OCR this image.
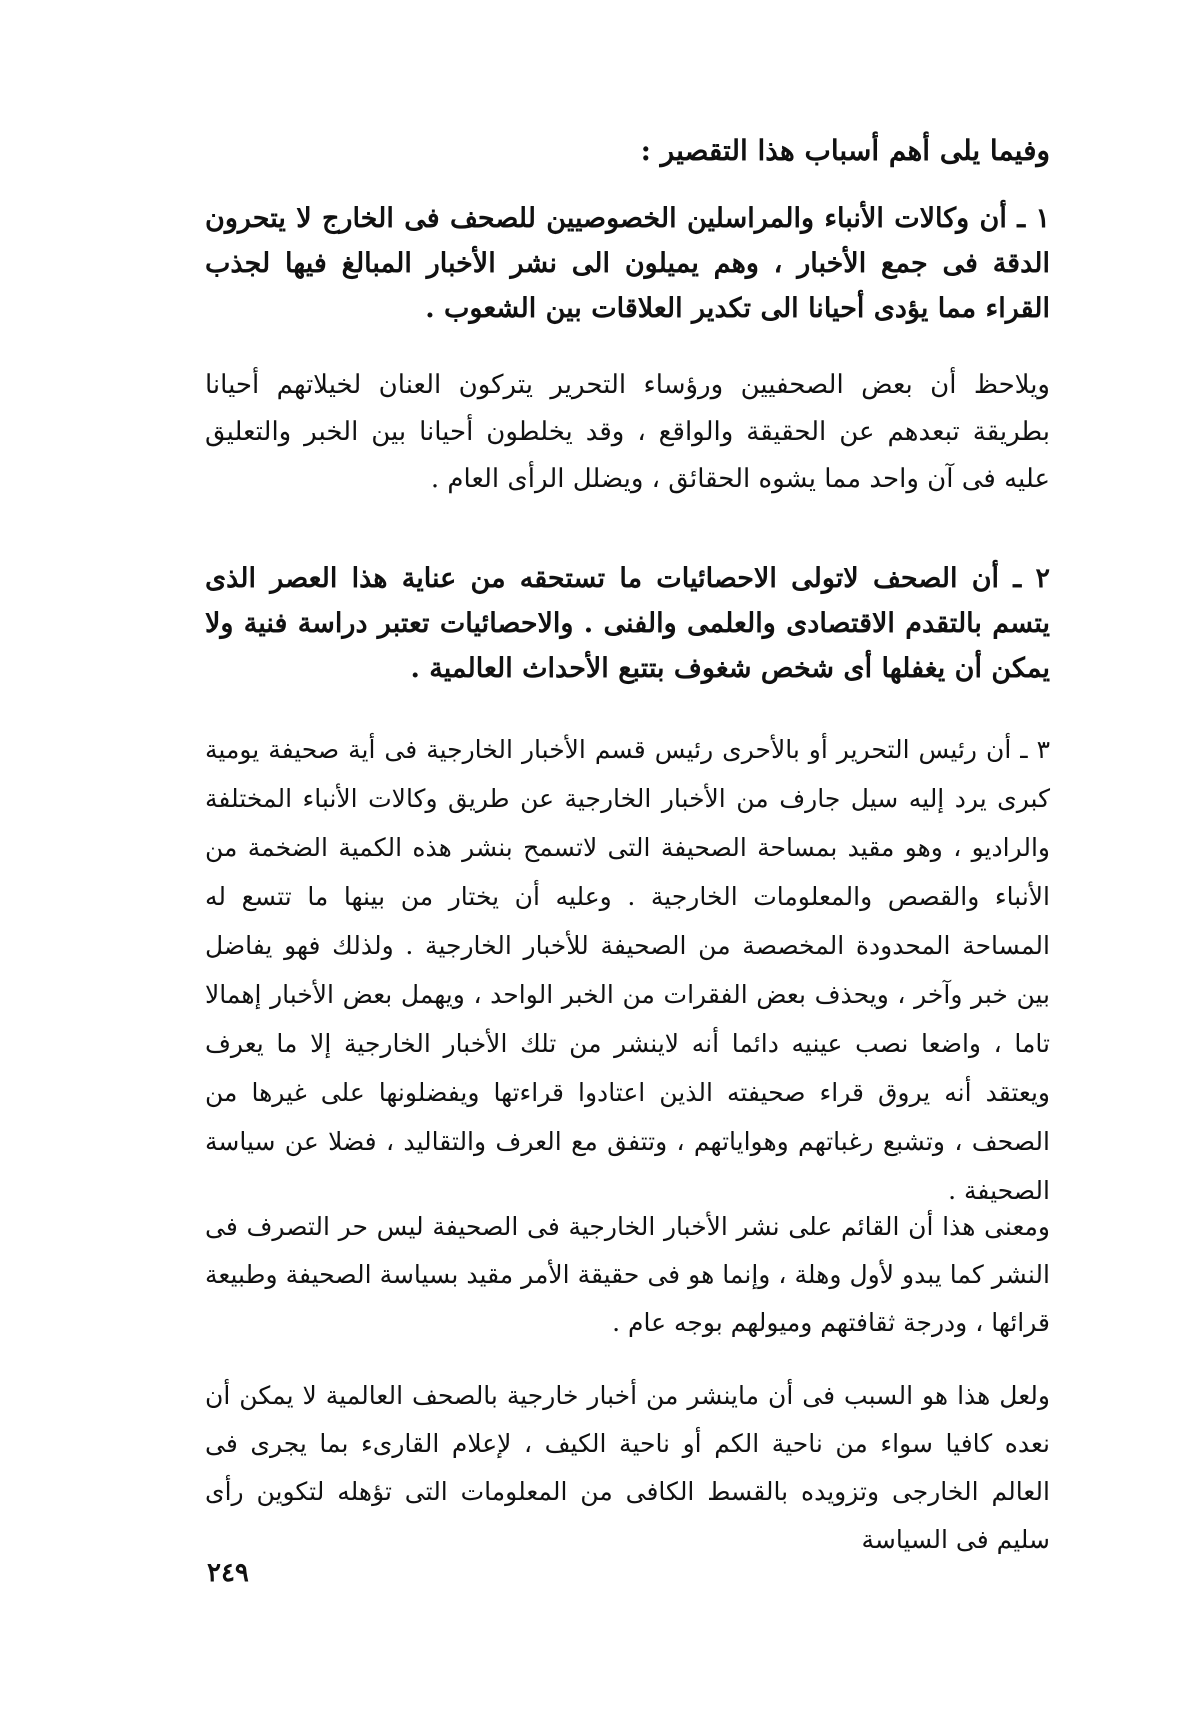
وفيما يلى أهم أسباب هذا التقصير :

١ ـ أن وكالات الأنباء والمراسلين الخصوصيين للصحف فى الخارج لا يتحرون الدقة فى جمع الأخبار ، وهم يميلون الى نشر الأخبار المبالغ فيها لجذب القراء مما يؤدى أحيانا الى تكدير العلاقات بين الشعوب .

ويلاحظ أن بعض الصحفيين ورؤساء التحرير يتركون العنان لخيلاتهم أحيانا بطريقة تبعدهم عن الحقيقة والواقع ، وقد يخلطون أحيانا بين الخبر والتعليق عليه فى آن واحد مما يشوه الحقائق ، ويضلل الرأى العام .

٢ ـ أن الصحف لاتولى الاحصائيات ما تستحقه من عناية هذا العصر الذى يتسم بالتقدم الاقتصادى والعلمى والفنى . والاحصائيات تعتبر دراسة فنية ولا يمكن أن يغفلها أى شخص شغوف بتتبع الأحداث العالمية .

٣ ـ أن رئيس التحرير أو بالأحرى رئيس قسم الأخبار الخارجية فى أية صحيفة يومية كبرى يرد إليه سيل جارف من الأخبار الخارجية عن طريق وكالات الأنباء المختلفة والراديو ، وهو مقيد بمساحة الصحيفة التى لاتسمح بنشر هذه الكمية الضخمة من الأنباء والقصص والمعلومات الخارجية . وعليه أن يختار من بينها ما تتسع له المساحة المحدودة المخصصة من الصحيفة للأخبار الخارجية . ولذلك فهو يفاضل بين خبر وآخر ، ويحذف بعض الفقرات من الخبر الواحد ، ويهمل بعض الأخبار إهمالا تاما ، واضعا نصب عينيه دائما أنه لاينشر من تلك الأخبار الخارجية إلا ما يعرف ويعتقد أنه يروق قراء صحيفته الذين اعتادوا قراءتها ويفضلونها على غيرها من الصحف ، وتشبع رغباتهم وهواياتهم ، وتتفق مع العرف والتقاليد ، فضلا عن سياسة الصحيفة .

ومعنى هذا أن القائم على نشر الأخبار الخارجية فى الصحيفة ليس حر التصرف فى النشر كما يبدو لأول وهلة ، وإنما هو فى حقيقة الأمر مقيد بسياسة الصحيفة وطبيعة قرائها ، ودرجة ثقافتهم وميولهم بوجه عام .

ولعل هذا هو السبب فى أن ماينشر من أخبار خارجية بالصحف العالمية لا يمكن أن نعده كافيا سواء من ناحية الكم أو ناحية الكيف ، لإعلام القارىء بما يجرى فى العالم الخارجى وتزويده بالقسط الكافى من المعلومات التى تؤهله لتكوين رأى سليم فى السياسة

٢٤٩
